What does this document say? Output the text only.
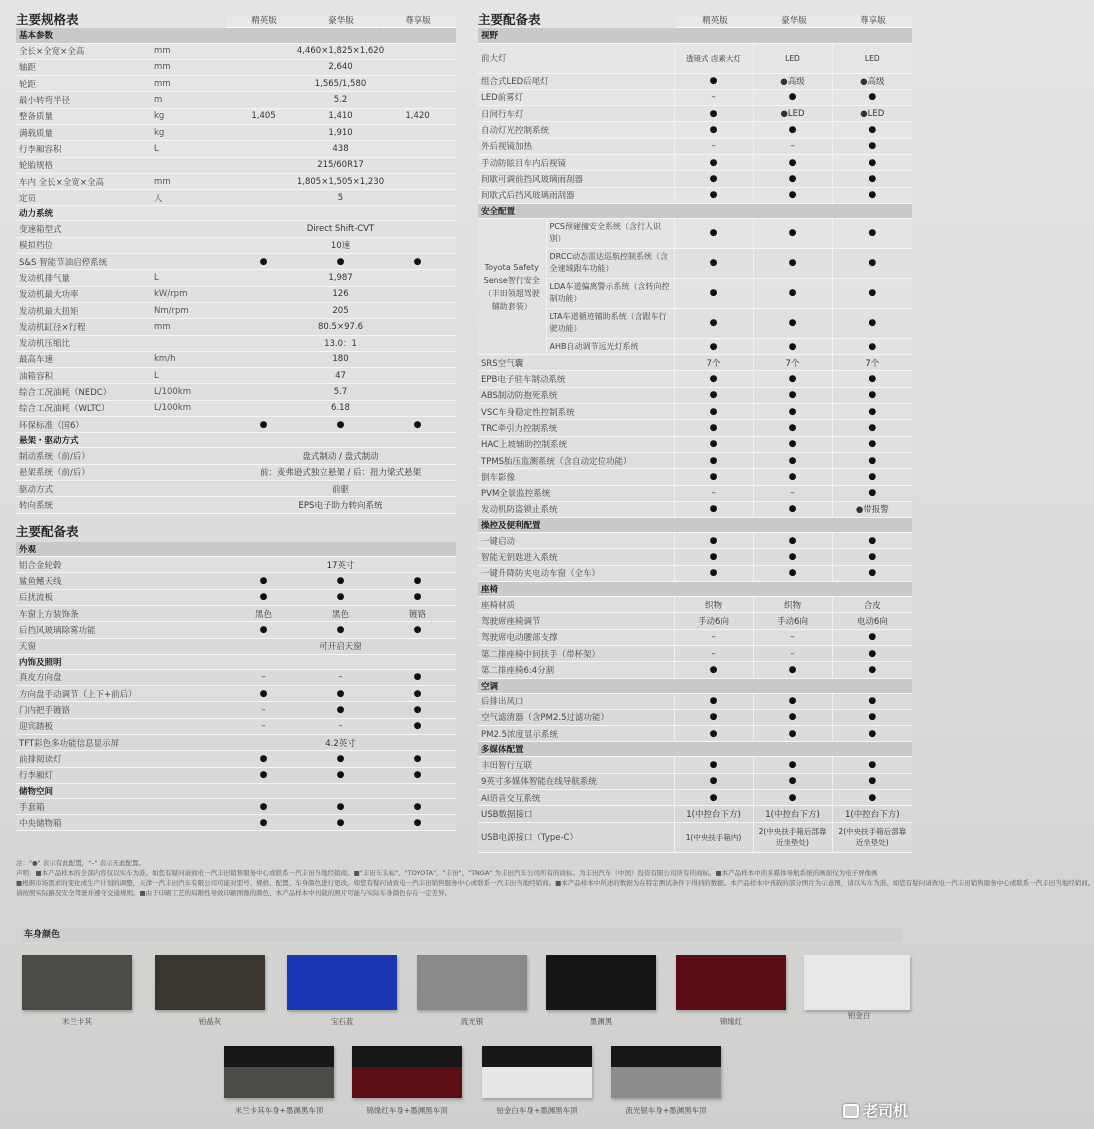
主要规格表	精英版	豪华版	尊享版
基本参数				
全长×全宽×全高	mm	4,460×1,825×1,620		
轴距	mm	2,640		
轮距	mm	1,565/1,580		
最小转弯半径	m	5.2		
整备质量	kg	1,405	1,410	1,420
满载质量	kg	1,910		
行李厢容积	L	438		
轮胎规格		215/60R17		
车内 全长×全宽×全高	mm	1,805×1,505×1,230		
定员	人	5		
动力系统				
变速箱型式		Direct Shift-CVT		
模拟档位		10速		
S&S 智能节油启停系统		●	●	●
发动机排气量	L	1,987		
发动机最大功率	kW/rpm	126		
发动机最大扭矩	Nm/rpm	205		
发动机缸径×行程	mm	80.5×97.6		
发动机压缩比		13.0：1		
最高车速	km/h	180		
油箱容积	L	47		
综合工况油耗（NEDC）	L/100km	5.7		
综合工况油耗（WLTC）	L/100km	6.18		
环保标准（国6）		●	●	●
悬架・驱动方式				
制动系统（前/后）		盘式制动 / 盘式制动		
悬架系统（前/后）		前：麦弗逊式独立悬架 / 后：扭力梁式悬架		
驱动方式		前驱		
转向系统		EPS电子助力转向系统		
主要配备表
外观			
铝合金轮毂	17英寸		
鲨鱼鳍天线	●	●	●
后扰流板	●	●	●
车窗上方装饰条	黑色	黑色	镀铬
后挡风玻璃除雾功能	●	●	●
天窗	可开启天窗		
内饰及照明			
真皮方向盘	–	–	●
方向盘手动调节（上下+前后）	●	●	●
门内把手镀铬	–	●	●
迎宾踏板	–	–	●
TFT彩色多功能信息显示屏	4.2英寸		
前排阅读灯	●	●	●
行李厢灯	●	●	●
储物空间			
手套箱	●	●	●
中央储物箱	●	●	●
主要配备表	精英版	豪华版	尊享版
视野				
前大灯		透镜式 卤素大灯	LED	LED
组合式LED后尾灯		●	●高级	●高级
LED前雾灯		–	●	●
日间行车灯		●	●LED	●LED
自动灯光控制系统		●	●	●
外后视镜加热		–	–	●
手动防眩目车内后视镜		●	●	●
间歇可调前挡风玻璃雨刮器		●	●	●
间歇式后挡风玻璃雨刮器		●	●	●
安全配置				
Toyota Safety Sense智行安全（丰田领超驾驶辅助套装）	PCS预碰撞安全系统（含行人识别）	●	●	●
	DRCC动态雷达巡航控制系统（含全速域跟车功能）	●	●	●
	LDA车道偏离警示系统（含转向控制功能）	●	●	●
	LTA车道循迹辅助系统（含跟车行驶功能）	●	●	●
	AHB自动调节远光灯系统	●	●	●
SRS空气囊		7个	7个	7个
EPB电子驻车制动系统		●	●	●
ABS制动防抱死系统		●	●	●
VSC车身稳定性控制系统		●	●	●
TRC牵引力控制系统		●	●	●
HAC上坡辅助控制系统		●	●	●
TPMS胎压监测系统（含自动定位功能）		●	●	●
倒车影像		●	●	●
PVM全景监控系统		–	–	●
发动机防盗锁止系统		●	●	●带报警
操控及便利配置				
一键启动		●	●	●
智能无钥匙进入系统		●	●	●
一键升降防夹电动车窗（全车）		●	●	●
座椅				
座椅材质		织物	织物	合皮
驾驶席座椅调节		手动6向	手动6向	电动6向
驾驶席电动腰部支撑		–	–	●
第二排座椅中间扶手（带杯架）		–	–	●
第二排座椅6:4分割		●	●	●
空调				
后排出风口		●	●	●
空气滤清器（含PM2.5过滤功能）		●	●	●
PM2.5浓度显示系统		●	●	●
多媒体配置				
丰田智行互联		●	●	●
9英寸多媒体智能在线导航系统		●	●	●
AI语音交互系统		●	●	●
USB数据接口		1(中控台下方)	1(中控台下方)	1(中控台下方)
USB电源接口（Type-C）		1(中央扶手箱内)	2(中央扶手箱后部靠近坐垫处)	2(中央扶手箱后部靠近坐垫处)
注："●" 表示有此配置，"–" 表示无此配置。
声明：■本产品样本的全部内容仅以实车为准。如您有疑问请致电一汽丰田销售服务中心或联系一汽丰田当地经销商。■"丰田车头标"、"TOYOTA"、"丰田"、"TNGA" 为丰田汽车公司所有的商标。为丰田汽车（中国）投资有限公司所有的商标。■本产品样本中的多媒体导航系统的画面仅为电子屏像画
■根据市场需求的变化或生产计划的调整，天津一汽丰田汽车有限公司可能对型号、规格、配置、车身颜色进行更改。如您有疑问请致电一汽丰田销售服务中心或联系一汽丰田当地经销商。■本产品样本中所述的数据为在特定测试条件下得到的数据。本产品样本中刊载的部分图片为示意图，请以实车为准。如您有疑问请致电一汽丰田销售服务中心或联系一汽丰田当地经销商。
请按照实际路况安全驾驶并遵守交通规则。■由于印刷工艺的局限性导致印刷图像的颜色、本产品样本中刊载的照片可能与实际车身颜色存在一定差异。
车身颜色
米兰卡其	铂晶灰	宝石蓝	流光银	墨渊黑	锦缘红
铂金白
米兰卡其车身+墨渊黑车顶	锦缘红车身+墨渊黑车顶	铂金白车身+墨渊黑车顶	流光银车身+墨渊黑车顶	老司机
